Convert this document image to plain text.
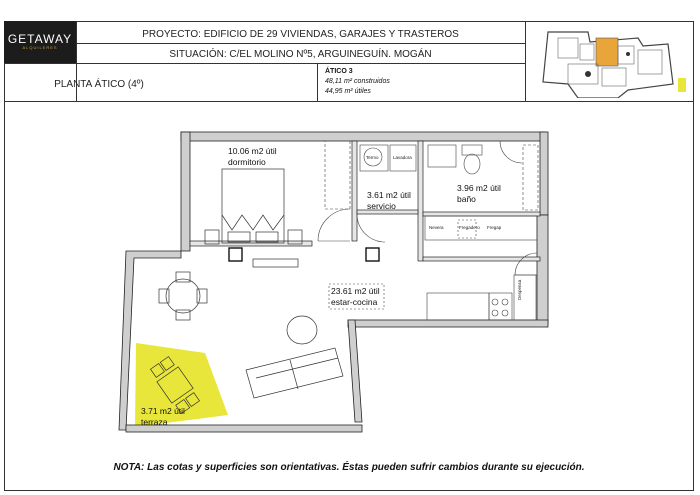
GETAWAY
ALQUILERES
PROYECTO: EDIFICIO DE 29 VIVIENDAS, GARAJES Y TRASTEROS
SITUACIÓN: C/EL MOLINO Nº5, ARGUINEGUÍN. MOGÁN
PLANTA ÁTICO (4º)
ÁTICO 3
48,11 m² construidos
44,95 m² útiles
10.06 m2 útil
dormitorio
3.61 m2 útil
servicio
3.96 m2 útil
baño
23.61 m2 útil
estar-cocina
3.71 m2 útil
terraza
Termo	Lavadora
Nevera	Fregadero Fregap
Despensa
NOTA: Las cotas y superficies son orientativas. Éstas pueden sufrir cambios durante su ejecución.
